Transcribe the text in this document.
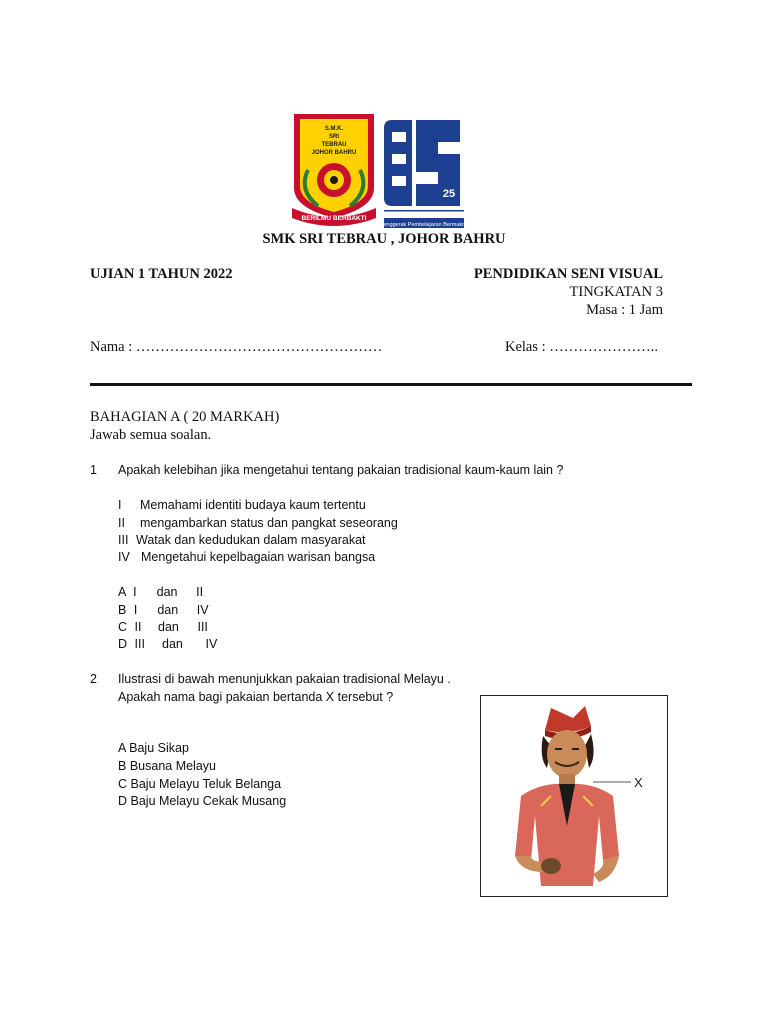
S.M.K.
SRI
TEBRAU
JOHOR BAHRU
BERILMU BERBAKTI
25
Penggerak Pembelajaran Bermakna
SMK SRI TEBRAU , JOHOR BAHRU
UJIAN 1 TAHUN 2022	PENDIDIKAN SENI VISUAL
TINGKATAN 3
Masa : 1 Jam
Nama : ……………………………………………	Kelas : …………………..
BAHAGIAN A ( 20 MARKAH)
Jawab semua soalan.
1 Apakah kelebihan jika mengetahui tentang pakaian tradisional kaum-kaum lain ?
I Memahami identiti budaya kaum tertentu
II mengambarkan status dan pangkat seseorang
III Watak dan kedudukan dalam masyarakat
IV Mengetahui kepelbagaian warisan bangsa
A I dan II
B I dan IV
C II dan III
D III dan IV
2 Ilustrasi di bawah menunjukkan pakaian tradisional Melayu .
Apakah nama bagi pakaian bertanda X tersebut ?
A Baju Sikap
B Busana Melayu
C Baju Melayu Teluk Belanga
D Baju Melayu Cekak Musang
X
